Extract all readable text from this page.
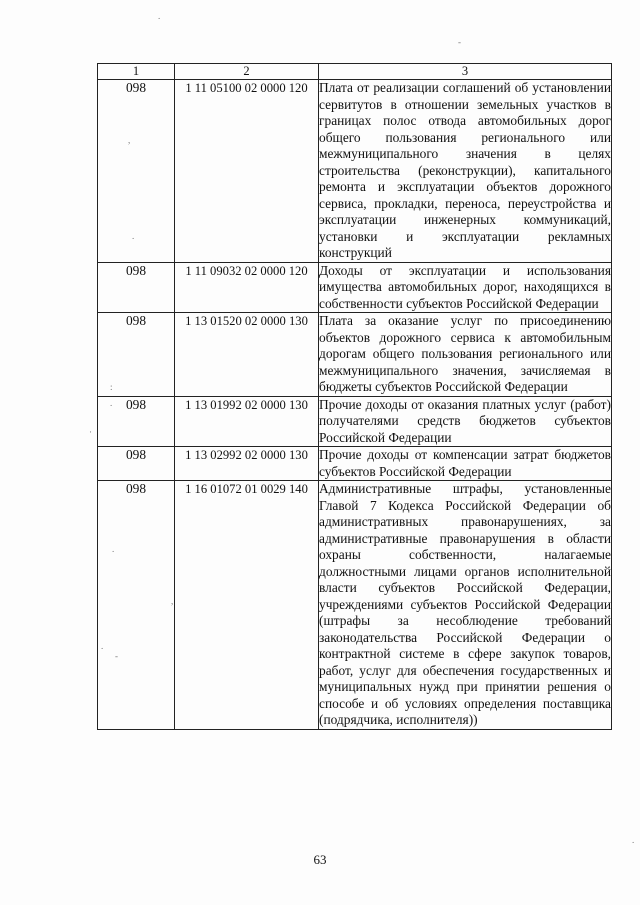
.
-
,
.
:
.
·
.
,
.
-
.
1	2	3
098	1 11 05100 02 0000 120	Плата от реализации соглашений об установлении сервитутов в отношении земельных участков в границах полос отвода автомобильных дорог общего пользования регионального или межмуниципального значения в целях строительства (реконструкции), капитального ремонта и эксплуатации объектов дорожного сервиса, прокладки, переноса, переустройства и эксплуатации инженерных коммуникаций, установки и эксплуатации рекламных конструкций
098	1 11 09032 02 0000 120	Доходы от эксплуатации и использования имущества автомобильных дорог, находящихся в собственности субъектов Российской Федерации
098	1 13 01520 02 0000 130	Плата за оказание услуг по присоединению объектов дорожного сервиса к автомобильным дорогам общего пользования регионального или межмуниципального значения, зачисляемая в бюджеты субъектов Российской Федерации
098	1 13 01992 02 0000 130	Прочие доходы от оказания платных услуг (работ) получателями средств бюджетов субъектов Российской Федерации
098	1 13 02992 02 0000 130	Прочие доходы от компенсации затрат бюджетов субъектов Российской Федерации
098	1 16 01072 01 0029 140	Административные штрафы, установленные Главой 7 Кодекса Российской Федерации об административных правонарушениях, за административные правонарушения в области охраны собственности, налагаемые должностными лицами органов исполнительной власти субъектов Российской Федерации, учреждениями субъектов Российской Федерации (штрафы за несоблюдение требований законодательства Российской Федерации о контрактной системе в сфере закупок товаров, работ, услуг для обеспечения государственных и муниципальных нужд при принятии решения о способе и об условиях определения поставщика (подрядчика, исполнителя))
63
